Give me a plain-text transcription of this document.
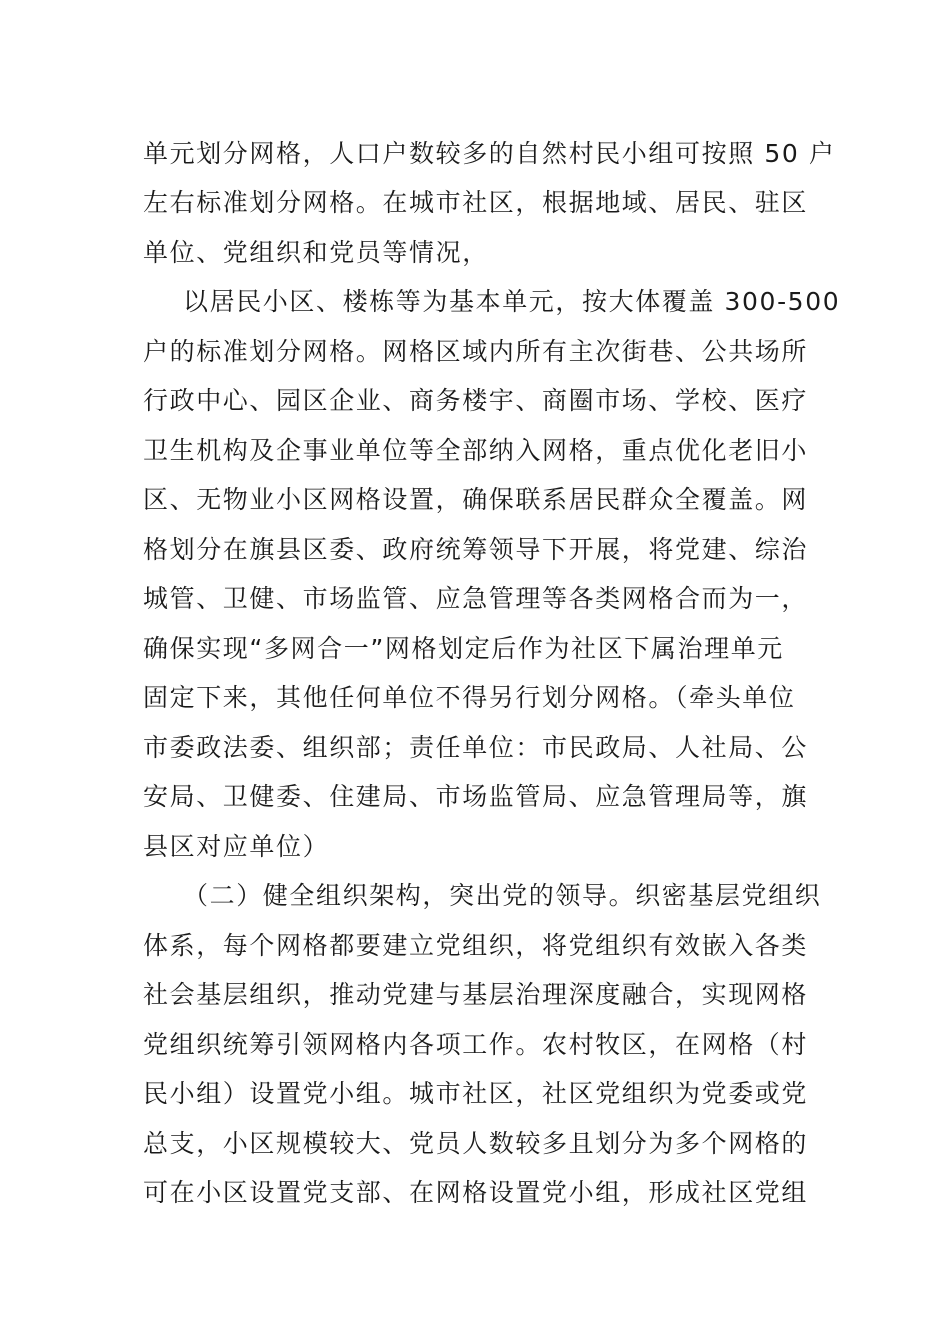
单元划分网格，人口户数较多的自然村民小组可按照 50 户
左右标准划分网格。在城市社区，根据地域、居民、驻区
单位、党组织和党员等情况，
以居民小区、楼栋等为基本单元，按大体覆盖 300-500
户的标准划分网格。网格区域内所有主次街巷、公共场所
行政中心、园区企业、商务楼宇、商圈市场、学校、医疗
卫生机构及企事业单位等全部纳入网格，重点优化老旧小
区、无物业小区网格设置，确保联系居民群众全覆盖。网
格划分在旗县区委、政府统筹领导下开展，将党建、综治
城管、卫健、市场监管、应急管理等各类网格合而为一，
确保实现“多网合一”网格划定后作为社区下属治理单元
固定下来，其他任何单位不得另行划分网格。（牵头单位
市委政法委、组织部；责任单位：市民政局、人社局、公
安局、卫健委、住建局、市场监管局、应急管理局等，旗
县区对应单位）
（二）健全组织架构，突出党的领导。织密基层党组织
体系，每个网格都要建立党组织，将党组织有效嵌入各类
社会基层组织，推动党建与基层治理深度融合，实现网格
党组织统筹引领网格内各项工作。农村牧区，在网格（村
民小组）设置党小组。城市社区，社区党组织为党委或党
总支，小区规模较大、党员人数较多且划分为多个网格的
可在小区设置党支部、在网格设置党小组，形成社区党组
